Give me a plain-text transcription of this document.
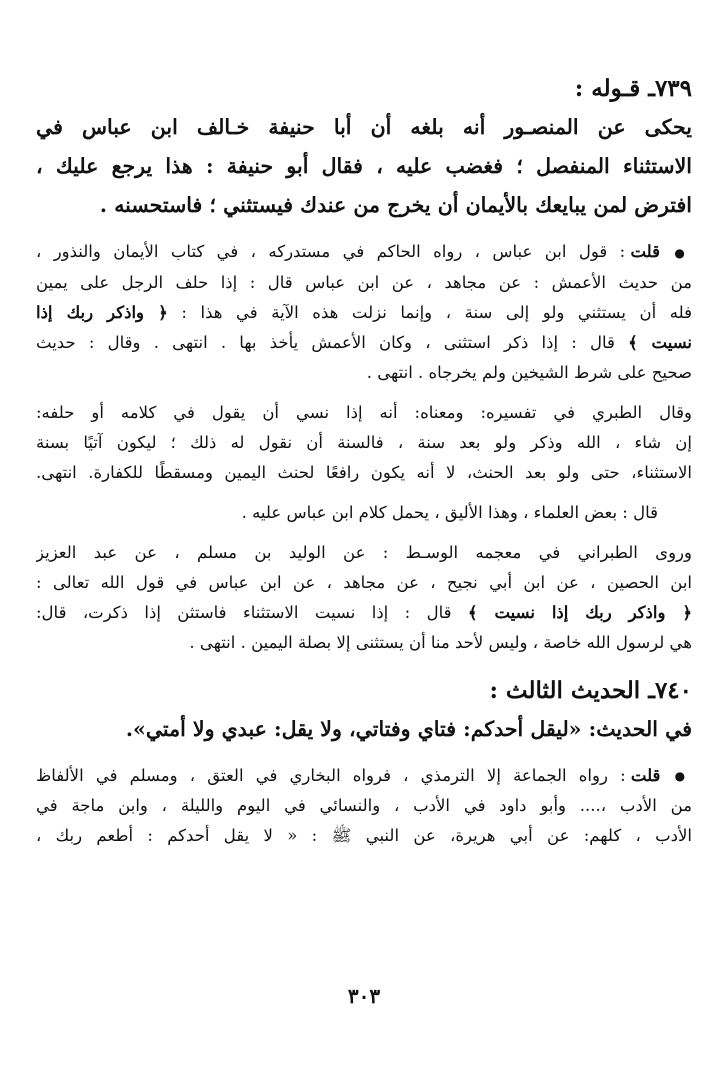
٧٣٩ـ قـوله :
يحكى عن المنصـور أنه بلغه أن أبا حنيفة خـالف ابن عباس في
الاستثناء المنفصل ؛ فغضب عليه ، فقال أبو حنيفة : هذا يرجع عليك ،
افترض لمن يبايعك بالأيمان أن يخرج من عندك فيستثني ؛ فاستحسنه .
● قلت : قول ابن عباس ، رواه الحاكم في مستدركه ، في كتاب الأيمان والنذور ،
من حديث الأعمش : عن مجاهد ، عن ابن عباس قال : إذا حلف الرجل على يمين
فله أن يستثني ولو إلى سنة ، وإنما نزلت هذه الآية في هذا : ﴿ واذكر ربك إذا
نسيت ﴾ قال : إذا ذكر استثنى ، وكان الأعمش يأخذ بها . انتهى . وقال : حديث
صحيح على شرط الشيخين ولم يخرجاه . انتهى .
وقال الطبري في تفسيره: ومعناه: أنه إذا نسي أن يقول في كلامه أو حلفه:
إن شاء ، الله وذكر ولو بعد سنة ، فالسنة أن نقول له ذلك ؛ ليكون آتيًا بسنة
الاستثناء، حتى ولو بعد الحنث، لا أنه يكون رافعًا لحنث اليمين ومسقطًا للكفارة. انتهى.
قال : بعض العلماء ، وهذا الأليق ، يحمل كلام ابن عباس عليه .
وروى الطبراني في معجمه الوسـط : عن الوليد بن مسلم ، عن عبد العزيز
ابن الحصين ، عن ابن أبي نجيح ، عن مجاهد ، عن ابن عباس في قول الله تعالى :
﴿ واذكر ربك إذا نسيت ﴾ قال : إذا نسيت الاستثناء فاستثن إذا ذكرت، قال:
هي لرسول الله خاصة ، وليس لأحد منا أن يستثنى إلا بصلة اليمين . انتهى .
٧٤٠ـ الحديث الثالث :
في الحديث: «ليقل أحدكم: فتاي وفتاتي، ولا يقل: عبدي ولا أمتي».
● قلت : رواه الجماعة إلا الترمذي ، فرواه البخاري في العتق ، ومسلم في الألفاظ
من الأدب ،.... وأبو داود في الأدب ، والنسائي في اليوم والليلة ، وابن ماجة في
الأدب ، كلهم: عن أبي هريرة، عن النبي ﷺ : « لا يقل أحدكم : أطعم ربك ،
٣٠٣
